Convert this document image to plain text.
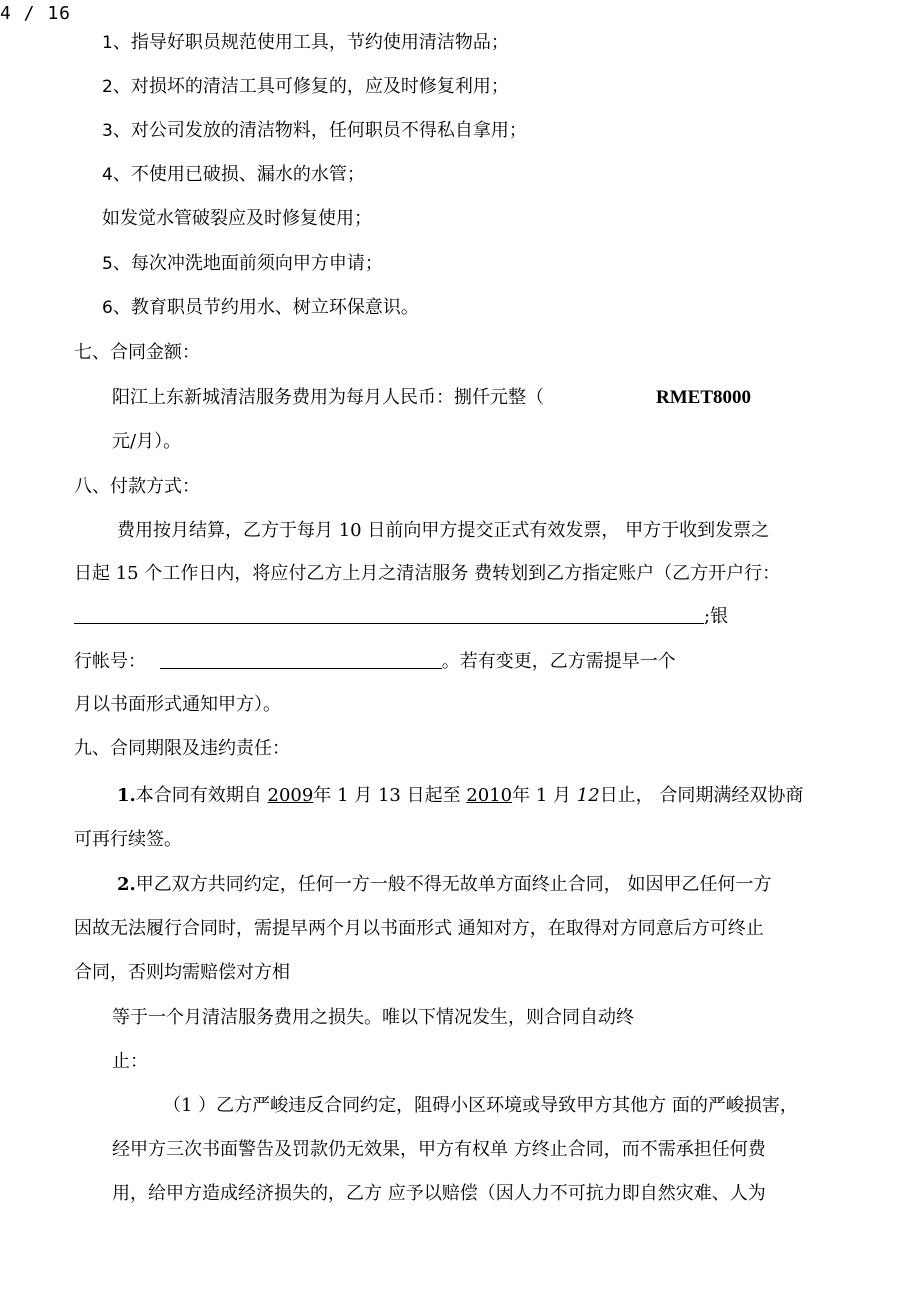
4 / 16
1、指导好职员规范使用工具，节约使用清洁物品；
2、对损坏的清洁工具可修复的，应及时修复利用；
3、对公司发放的清洁物料，任何职员不得私自拿用；
4、不使用已破损、漏水的水管；
如发觉水管破裂应及时修复使用；
5、每次冲洗地面前须向甲方申请；
6、教育职员节约用水、树立环保意识。
七、合同金额：
阳江上东新城清洁服务费用为每月人民币：捌仟元整（	RMET8000
元/月）。
八、付款方式：
费用按月结算，乙方于每月 10 日前向甲方提交正式有效发票， 甲方于收到发票之
日起 15 个工作日内，将应付乙方上月之清洁服务 费转划到乙方指定账户（乙方开户行：
;银
行帐号：	。若有变更，乙方需提早一个
月以书面形式通知甲方）。
九、合同期限及违约责任：
1.本合同有效期自 2009年 1 月 13 日起至 2010年 1 月 12日止， 合同期满经双协商
可再行续签。
2.甲乙双方共同约定，任何一方一般不得无故单方面终止合同， 如因甲乙任何一方
因故无法履行合同时，需提早两个月以书面形式 通知对方，在取得对方同意后方可终止
合同，否则均需赔偿对方相
等于一个月清洁服务费用之损失。唯以下情况发生，则合同自动终
止：
（1 ）乙方严峻违反合同约定，阻碍小区环境或导致甲方其他方 面的严峻损害，
经甲方三次书面警告及罚款仍无效果，甲方有权单 方终止合同，而不需承担任何费
用，给甲方造成经济损失的，乙方 应予以赔偿（因人力不可抗力即自然灾难、人为
